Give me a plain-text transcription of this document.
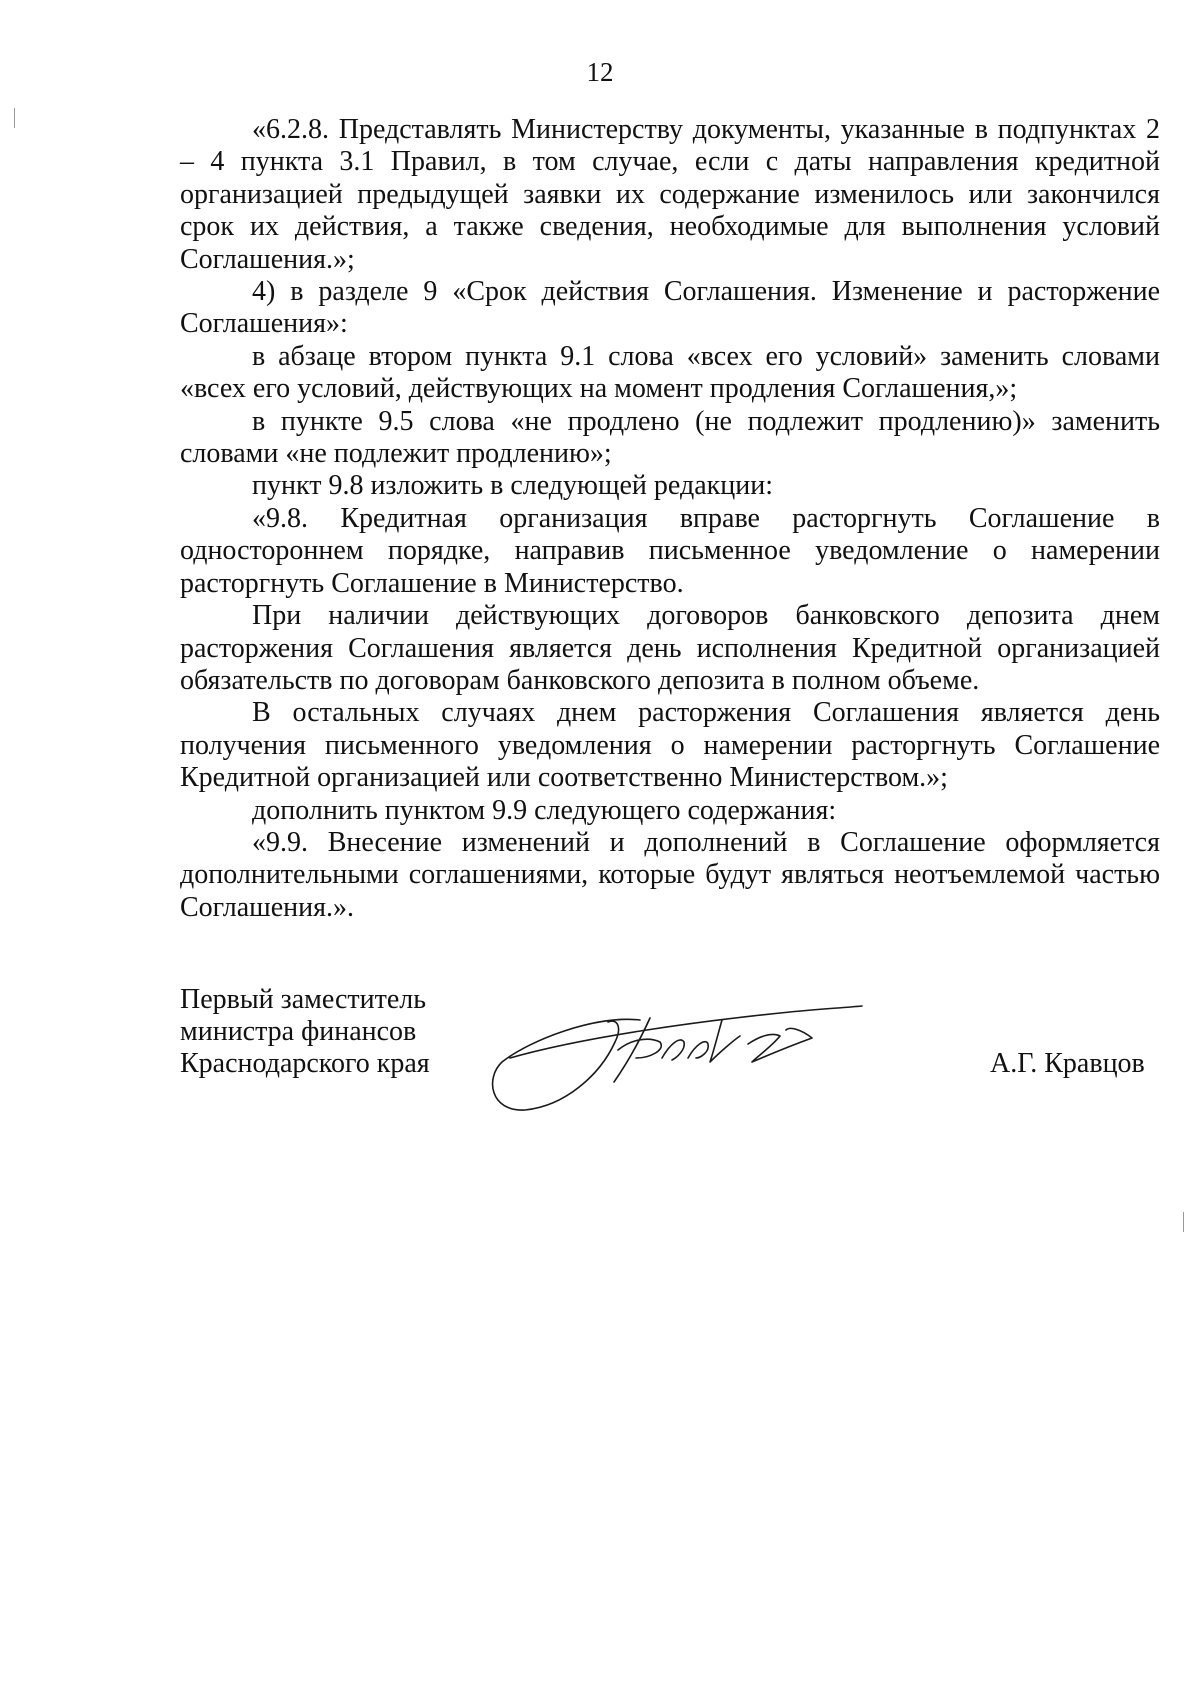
12

«6.2.8. Представлять Министерству документы, указанные в подпунктах 2 – 4 пункта 3.1 Правил, в том случае, если с даты направления кредитной организацией предыдущей заявки их содержание изменилось или закончился срок их действия, а также сведения, необходимые для выполнения условий Соглашения.»;

4) в разделе 9 «Срок действия Соглашения. Изменение и расторжение Соглашения»:

в абзаце втором пункта 9.1 слова «всех его условий» заменить словами «всех его условий, действующих на момент продления Соглашения,»;

в пункте 9.5 слова «не продлено (не подлежит продлению)» заменить словами «не подлежит продлению»;

пункт 9.8 изложить в следующей редакции:

«9.8. Кредитная организация вправе расторгнуть Соглашение в одностороннем порядке, направив письменное уведомление о намерении расторгнуть Соглашение в Министерство.

При наличии действующих договоров банковского депозита днем расторжения Соглашения является день исполнения Кредитной организацией обязательств по договорам банковского депозита в полном объеме.

В остальных случаях днем расторжения Соглашения является день получения письменного уведомления о намерении расторгнуть Соглашение Кредитной организацией или соответственно Министерством.»;

дополнить пунктом 9.9 следующего содержания:

«9.9. Внесение изменений и дополнений в Соглашение оформляется дополнительными соглашениями, которые будут являться неотъемлемой частью Соглашения.».

Первый заместитель
министра финансов
Краснодарского края	А.Г. Кравцов
